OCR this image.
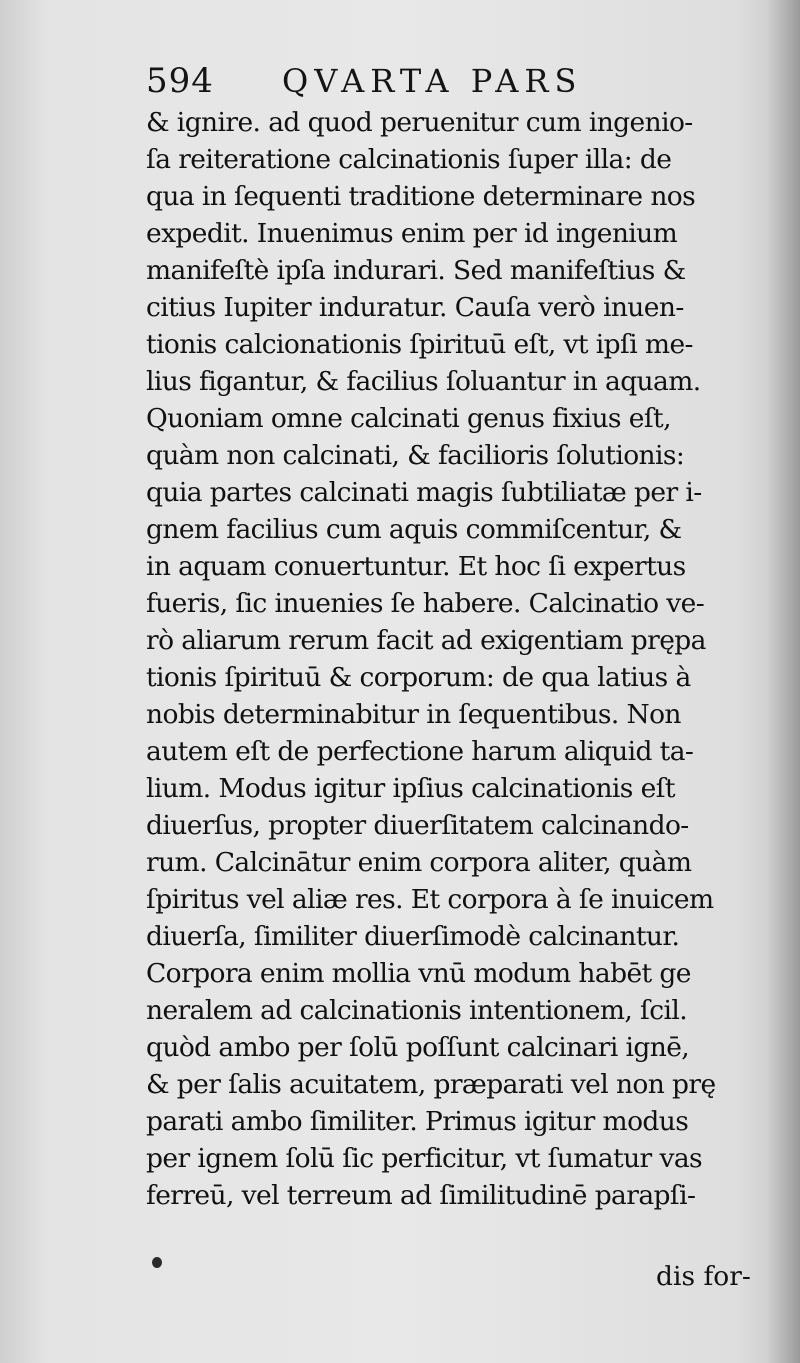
594 QVARTA PARS
& ignire. ad quod peruenitur cum ingenio-
ſa reiteratione calcinationis ſuper illa: de
qua in ſequenti traditione determinare nos
expedit. Inuenimus enim per id ingenium
manifeſtè ipſa indurari. Sed manifeſtius &
citius Iupiter induratur. Cauſa verò inuen-
tionis calcionationis ſpirituū eſt, vt ipſi me-
lius figantur, & facilius ſoluantur in aquam.
Quoniam omne calcinati genus fixius eſt,
quàm non calcinati, & facilioris ſolutionis:
quia partes calcinati magis ſubtiliatæ per i-
gnem facilius cum aquis commiſcentur, &
in aquam conuertuntur. Et hoc ſi expertus
fueris, ſic inuenies ſe habere. Calcinatio ve-
rò aliarum rerum facit ad exigentiam prępa
tionis ſpirituū & corporum: de qua latius à
nobis determinabitur in ſequentibus. Non
autem eſt de perfectione harum aliquid ta-
lium. Modus igitur ipſius calcinationis eſt
diuerſus, propter diuerſitatem calcinando-
rum. Calcinātur enim corpora aliter, quàm
ſpiritus vel aliæ res. Et corpora à ſe inuicem
diuerſa, ſimiliter diuerſimodè calcinantur.
Corpora enim mollia vnū modum habēt ge
neralem ad calcinationis intentionem, ſcil.
quòd ambo per ſolū poſſunt calcinari ignē,
& per ſalis acuitatem, præparati vel non prę
parati ambo ſimiliter. Primus igitur modus
per ignem ſolū ſic perficitur, vt ſumatur vas
ferreū, vel terreum ad ſimilitudinē parapſi-
dis for-
